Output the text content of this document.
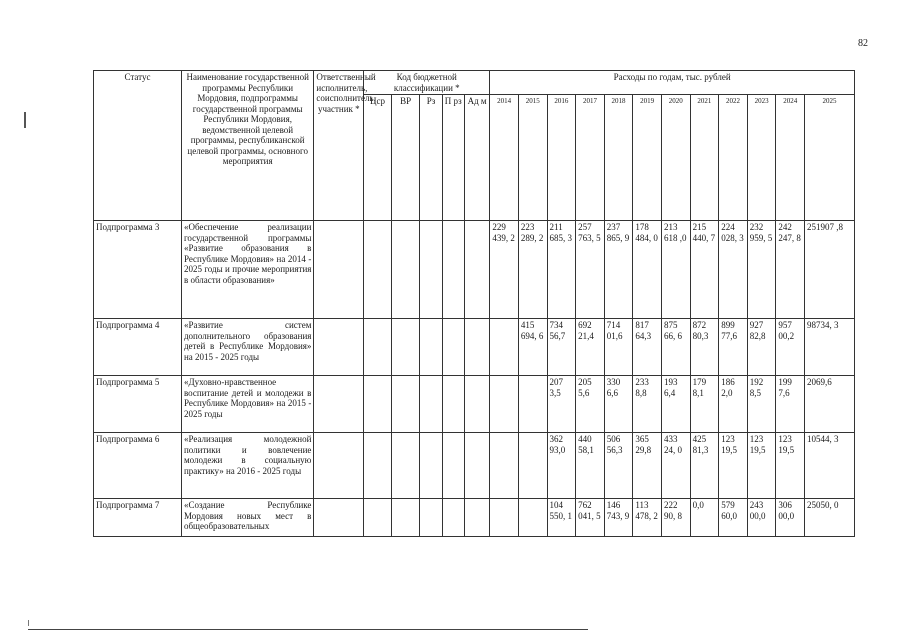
82
Статус	Наименование государственной программы Республики Мордовия, подпрограммы государственной программы Республики Мордовия, ведомственной целевой программы, республиканской целевой программы, основного мероприятия	Ответственный исполнитель, соисполнитель, участник *	Код бюджетной классификации *					Расходы по годам, тыс. рублей											
			Цср	ВР	Рз	П рз	Ад м	2014	2015	2016	2017	2018	2019	2020	2021	2022	2023	2024	2025
Подпрограмма 3	«Обеспечение реализации государственной программы «Развитие образования в Республике Мордовия» на 2014 - 2025 годы и прочие мероприятия в области образования»							229 439, 2	223 289, 2	211 685, 3	257 763, 5	237 865, 9	178 484, 0	213 618 ,0	215 440, 7	224 028, 3	232 959, 5	242 247, 8	251907 ,8
Подпрограмма 4	«Развитие систем дополнительного образования детей в Республике Мордовия» на 2015 - 2025 годы								415 694, 6	734 56,7	692 21,4	714 01,6	817 64,3	875 66, 6	872 80,3	899 77,6	927 82,8	957 00,2	98734, 3
Подпрограмма 5	«Духовно-нравственное воспитание детей и молодежи в Республике Мордовия» на 2015 - 2025 годы									207 3,5	205 5,6	330 6,6	233 8,8	193 6,4	179 8,1	186 2,0	192 8,5	199 7,6	2069,6
Подпрограмма 6	«Реализация молодежной политики и вовлечение молодежи в социальную практику» на 2016 - 2025 годы									362 93,0	440 58,1	506 56,3	365 29,8	433 24, 0	425 81,3	123 19,5	123 19,5	123 19,5	10544, 3
Подпрограмма 7	«Создание Республике Мордовия новых мест в общеобразовательных									104 550, 1	762 041, 5	146 743, 9	113 478, 2	222 90, 8	0,0	579 60,0	243 00,0	306 00,0	25050, 0
